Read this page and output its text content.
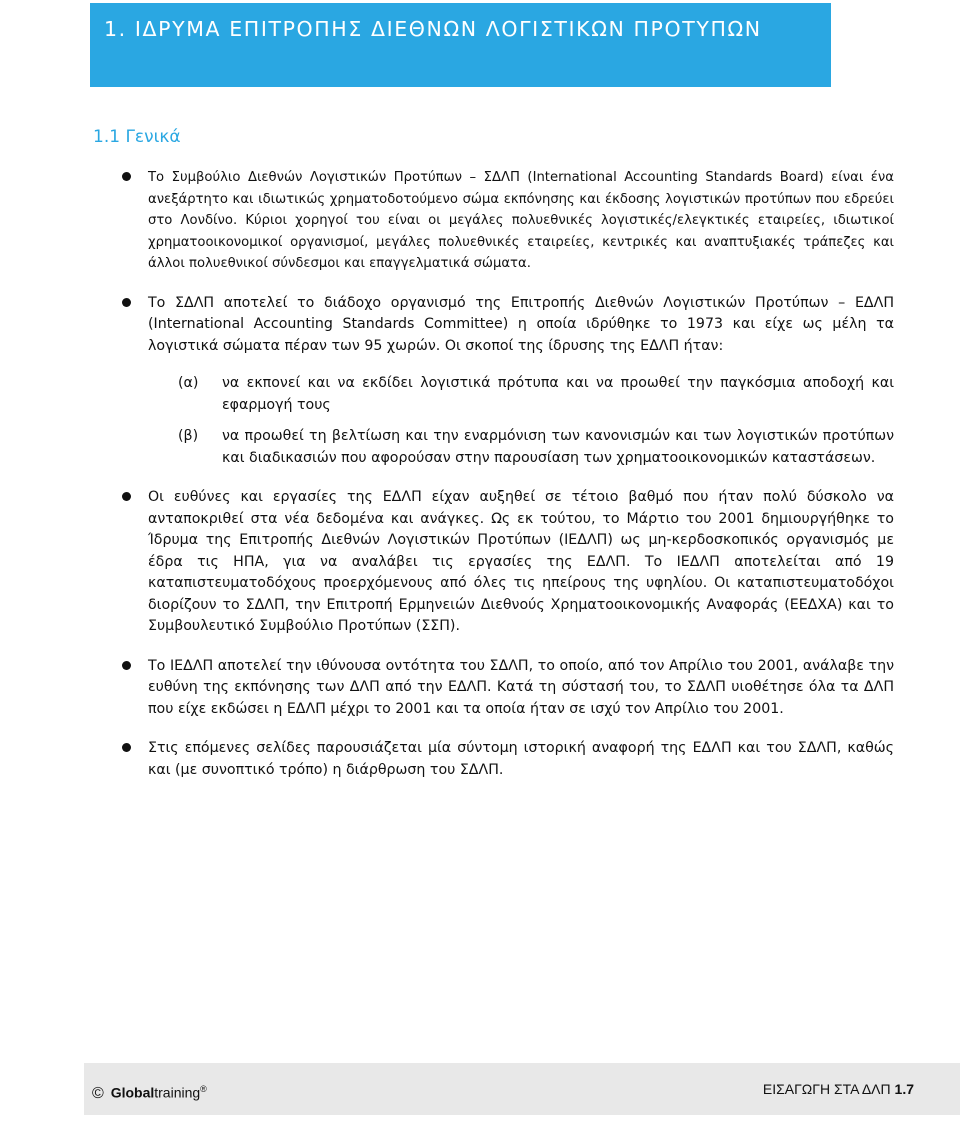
1. ΙΔΡΥΜΑ ΕΠΙΤΡΟΠΗΣ ΔΙΕΘΝΩΝ ΛΟΓΙΣΤΙΚΩΝ ΠΡΟΤΥΠΩΝ
1.1 Γενικά

Το Συμβούλιο Διεθνών Λογιστικών Προτύπων – ΣΔΛΠ (International Accounting Standards Board) είναι ένα ανεξάρτητο και ιδιωτικώς χρηματοδοτούμενο σώμα εκπόνησης και έκδοσης λογιστικών προτύπων που εδρεύει στο Λονδίνο. Κύριοι χορηγοί του είναι οι μεγάλες πολυεθνικές λογιστικές/ελεγκτικές εταιρείες, ιδιωτικοί χρηματοοικονομικοί οργανισμοί, μεγάλες πολυεθνικές εταιρείες, κεντρικές και αναπτυξιακές τράπεζες και άλλοι πολυεθνικοί σύνδεσμοι και επαγγελματικά σώματα.

Το ΣΔΛΠ αποτελεί το διάδοχο οργανισμό της Επιτροπής Διεθνών Λογιστικών Προτύπων – ΕΔΛΠ (International Accounting Standards Committee) η οποία ιδρύθηκε το 1973 και είχε ως μέλη τα λογιστικά σώματα πέραν των 95 χωρών. Οι σκοποί της ίδρυσης της ΕΔΛΠ ήταν:

(α) να εκπονεί και να εκδίδει λογιστικά πρότυπα και να προωθεί την παγκόσμια αποδοχή και εφαρμογή τους

(β) να προωθεί τη βελτίωση και την εναρμόνιση των κανονισμών και των λογιστικών προτύπων και διαδικασιών που αφορούσαν στην παρουσίαση των χρηματοοικονομικών καταστάσεων.

Οι ευθύνες και εργασίες της ΕΔΛΠ είχαν αυξηθεί σε τέτοιο βαθμό που ήταν πολύ δύσκολο να ανταποκριθεί στα νέα δεδομένα και ανάγκες. Ως εκ τούτου, το Μάρτιο του 2001 δημιουργήθηκε το Ίδρυμα της Επιτροπής Διεθνών Λογιστικών Προτύπων (ΙΕΔΛΠ) ως μη-κερδοσκοπικός οργανισμός με έδρα τις ΗΠΑ, για να αναλάβει τις εργασίες της ΕΔΛΠ. Το ΙΕΔΛΠ αποτελείται από 19 καταπιστευματοδόχους προερχόμενους από όλες τις ηπείρους της υφηλίου. Οι καταπιστευματοδόχοι διορίζουν το ΣΔΛΠ, την Επιτροπή Ερμηνειών Διεθνούς Χρηματοοικονομικής Αναφοράς (ΕΕΔΧΑ) και το Συμβουλευτικό Συμβούλιο Προτύπων (ΣΣΠ).

Το ΙΕΔΛΠ αποτελεί την ιθύνουσα οντότητα του ΣΔΛΠ, το οποίο, από τον Απρίλιο του 2001, ανάλαβε την ευθύνη της εκπόνησης των ΔΛΠ από την ΕΔΛΠ. Κατά τη σύστασή του, το ΣΔΛΠ υιοθέτησε όλα τα ΔΛΠ που είχε εκδώσει η ΕΔΛΠ μέχρι το 2001 και τα οποία ήταν σε ισχύ τον Απρίλιο του 2001.

Στις επόμενες σελίδες παρουσιάζεται μία σύντομη ιστορική αναφορή της ΕΔΛΠ και του ΣΔΛΠ, καθώς και (με συνοπτικό τρόπο) η διάρθρωση του ΣΔΛΠ.

© Globaltraining®	ΕΙΣΑΓΩΓΗ ΣΤΑ ΔΛΠ 1.7
